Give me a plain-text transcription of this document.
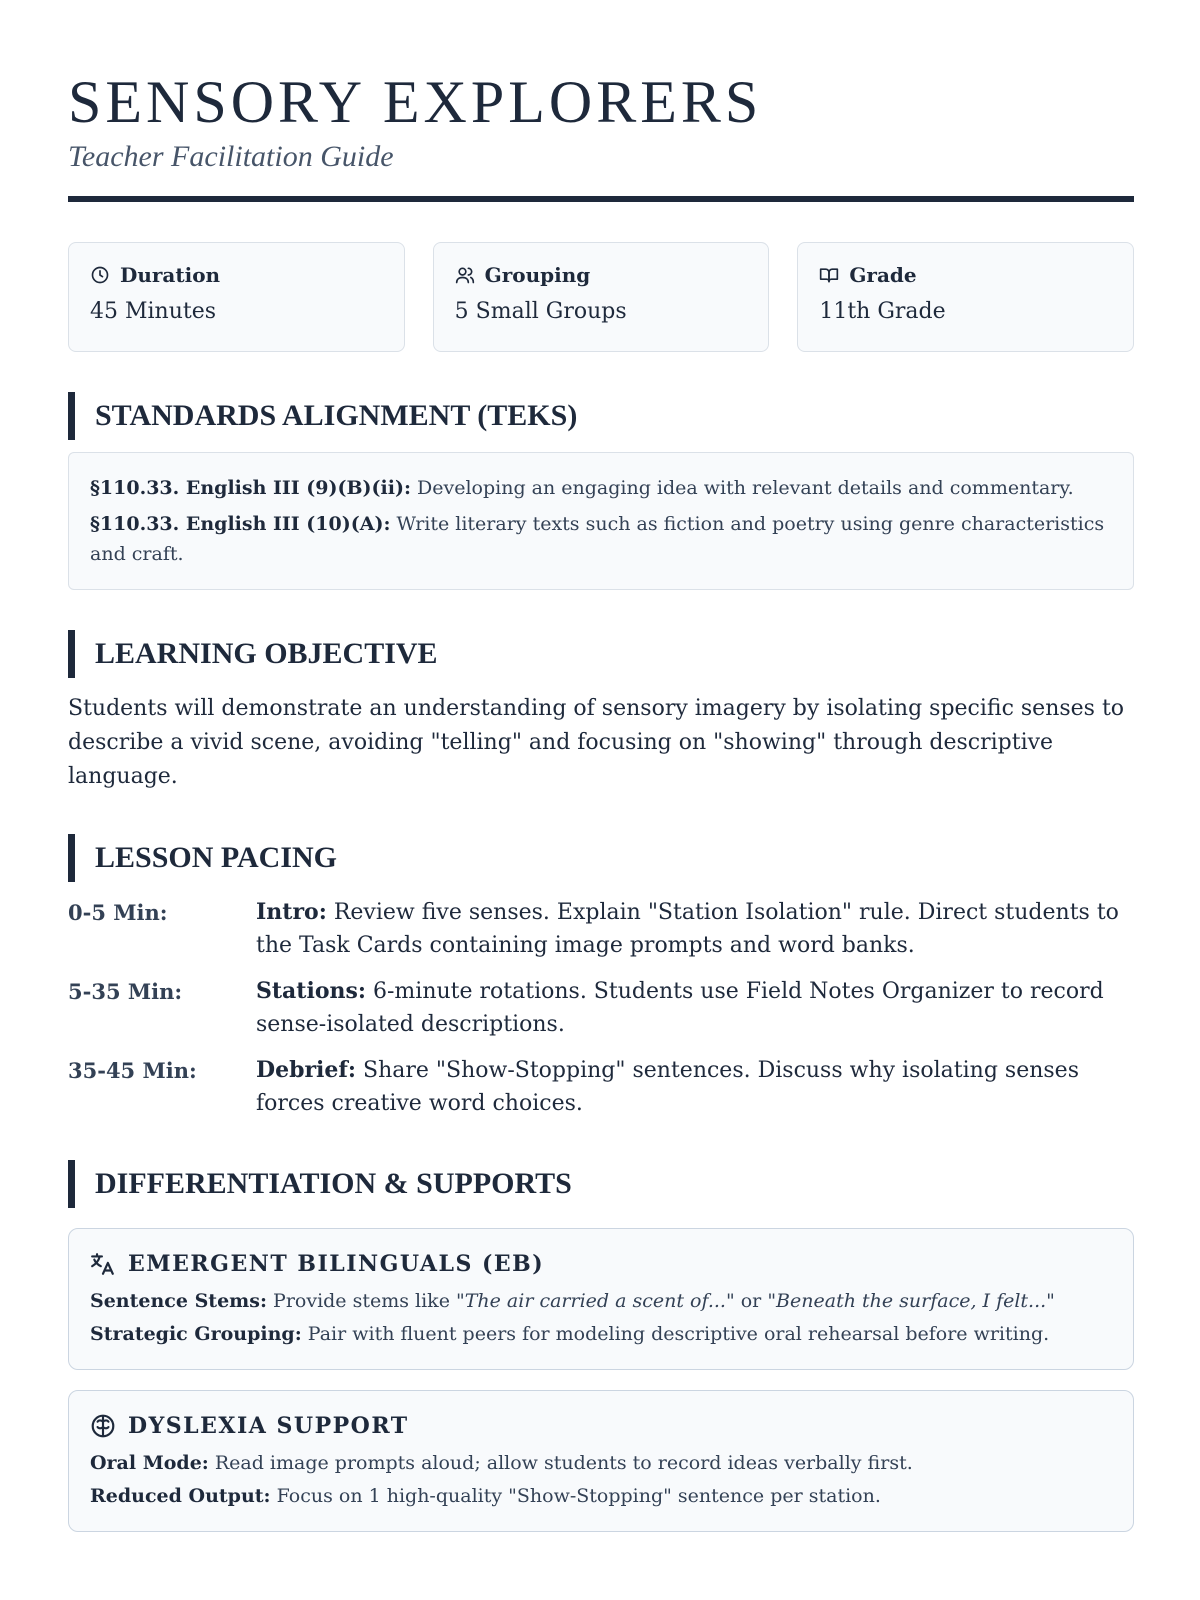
SENSORY EXPLORERS
Teacher Facilitation Guide
Duration
45 Minutes
Grouping
5 Small Groups
Grade
11th Grade
STANDARDS ALIGNMENT (TEKS)

§110.33. English III (9)(B)(ii): Developing an engaging idea with relevant details and commentary.

§110.33. English III (10)(A): Write literary texts such as fiction and poetry using genre characteristics and craft.

LEARNING OBJECTIVE

Students will demonstrate an understanding of sensory imagery by isolating specific senses to describe a vivid scene, avoiding "telling" and focusing on "showing" through descriptive language.

LESSON PACING
0-5 Min:	Intro: Review five senses. Explain "Station Isolation" rule. Direct students to the Task Cards containing image prompts and word banks.
5-35 Min:	Stations: 6-minute rotations. Students use Field Notes Organizer to record sense-isolated descriptions.
35-45 Min:	Debrief: Share "Show-Stopping" sentences. Discuss why isolating senses forces creative word choices.
DIFFERENTIATION & SUPPORTS
EMERGENT BILINGUALS (EB)
Sentence Stems: Provide stems like "The air carried a scent of..." or "Beneath the surface, I felt..."
Strategic Grouping: Pair with fluent peers for modeling descriptive oral rehearsal before writing.
DYSLEXIA SUPPORT
Oral Mode: Read image prompts aloud; allow students to record ideas verbally first.
Reduced Output: Focus on 1 high-quality "Show-Stopping" sentence per station.
